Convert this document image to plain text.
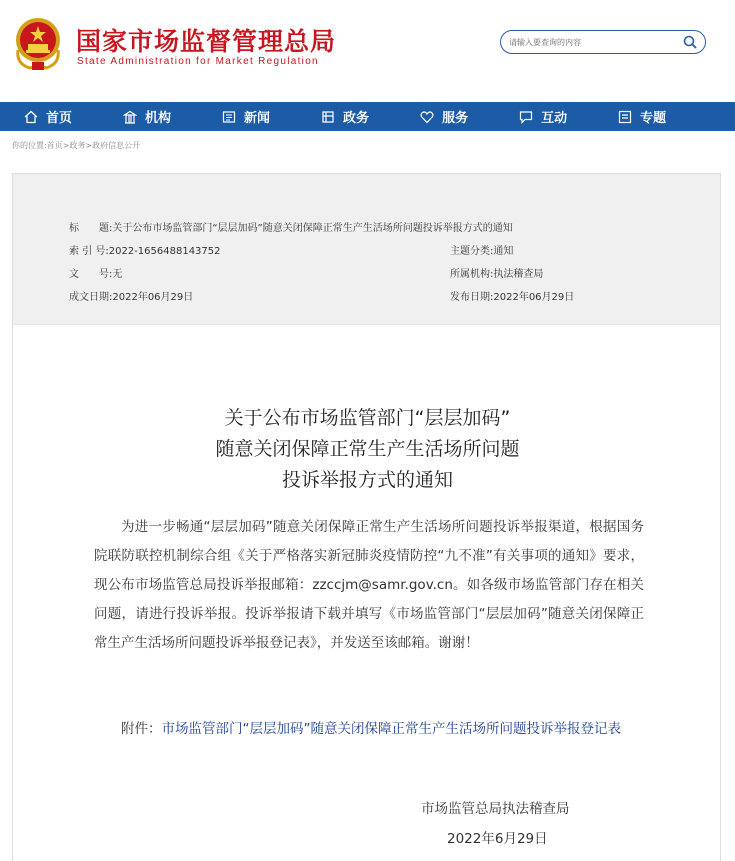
国家市场监督管理总局
State Administration for Market Regulation
请输入要查询的内容
首页	机构	新闻	政务	服务	互动	专题
你的位置:首页>政务>政府信息公开
标　　题:关于公布市场监管部门“层层加码”随意关闭保障正常生产生活场所问题投诉举报方式的通知
索 引 号:2022-1656488143752	主题分类:通知
文　　号:无	所属机构:执法稽查局
成文日期:2022年06月29日	发布日期:2022年06月29日
关于公布市场监管部门“层层加码”
随意关闭保障正常生产生活场所问题
投诉举报方式的通知

为进一步畅通“层层加码”随意关闭保障正常生产生活场所问题投诉举报渠道，根据国务院联防联控机制综合组《关于严格落实新冠肺炎疫情防控“九不准”有关事项的通知》要求，现公布市场监管总局投诉举报邮箱：zzccjm@samr.gov.cn。如各级市场监管部门存在相关问题，请进行投诉举报。投诉举报请下载并填写《市场监管部门“层层加码”随意关闭保障正常生产生活场所问题投诉举报登记表》，并发送至该邮箱。谢谢！

附件：市场监管部门“层层加码”随意关闭保障正常生产生活场所问题投诉举报登记表

市场监管总局执法稽查局
2022年6月29日
